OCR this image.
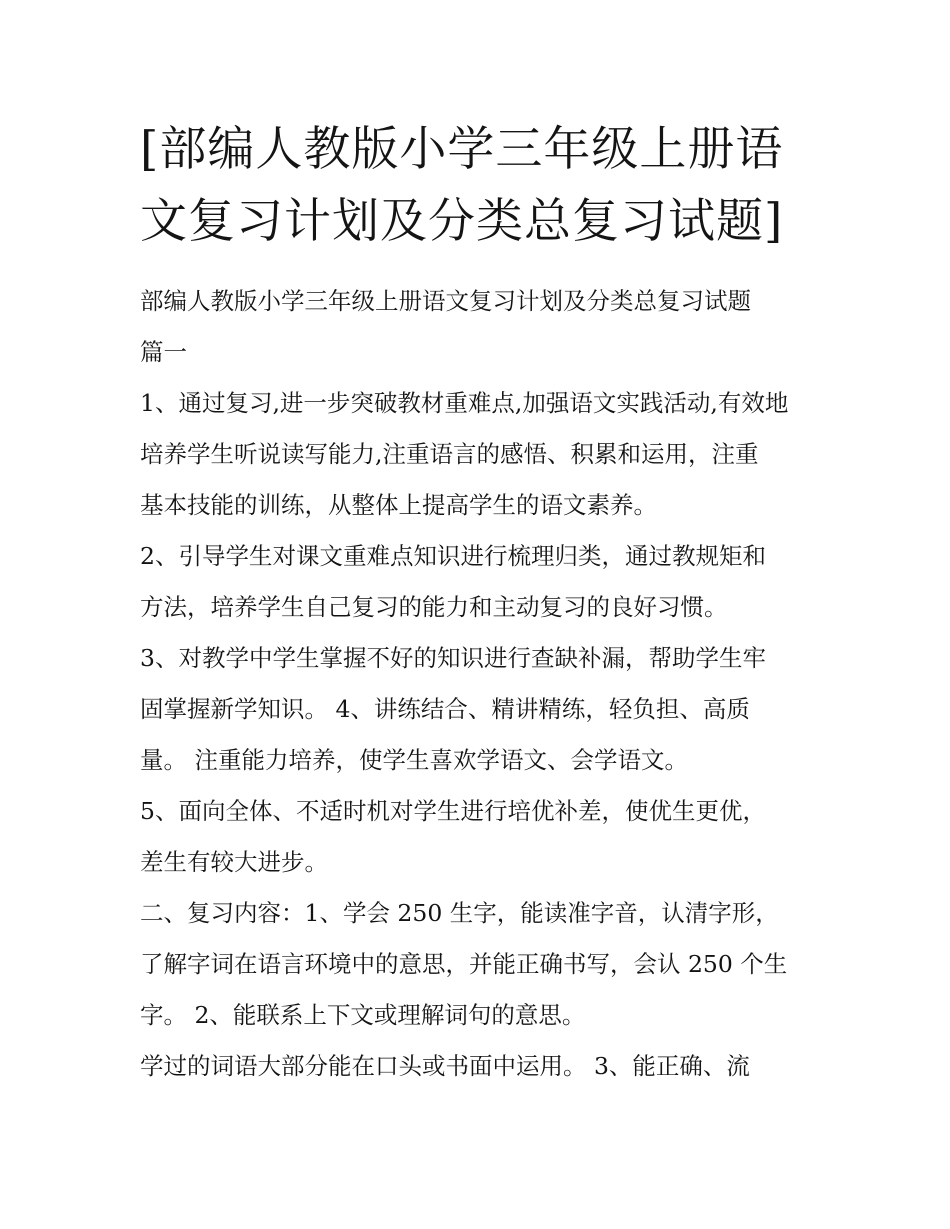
[部编人教版小学三年级上册语
文复习计划及分类总复习试题]
部编人教版小学三年级上册语文复习计划及分类总复习试题
篇一
1、通过复习,进一步突破教材重难点,加强语文实践活动,有效地
培养学生听说读写能力,注重语言的感悟、积累和运用，注重
基本技能的训练，从整体上提高学生的语文素养。
2、引导学生对课文重难点知识进行梳理归类，通过教规矩和
方法，培养学生自己复习的能力和主动复习的良好习惯。
3、对教学中学生掌握不好的知识进行查缺补漏，帮助学生牢
固掌握新学知识。 4、讲练结合、精讲精练，轻负担、高质
量。 注重能力培养，使学生喜欢学语文、会学语文。
5、面向全体、不适时机对学生进行培优补差，使优生更优，
差生有较大进步。
二、复习内容：1、学会 250 生字，能读准字音，认清字形，
了解字词在语言环境中的意思，并能正确书写，会认 250 个生
字。 2、能联系上下文或理解词句的意思。
学过的词语大部分能在口头或书面中运用。 3、能正确、流
